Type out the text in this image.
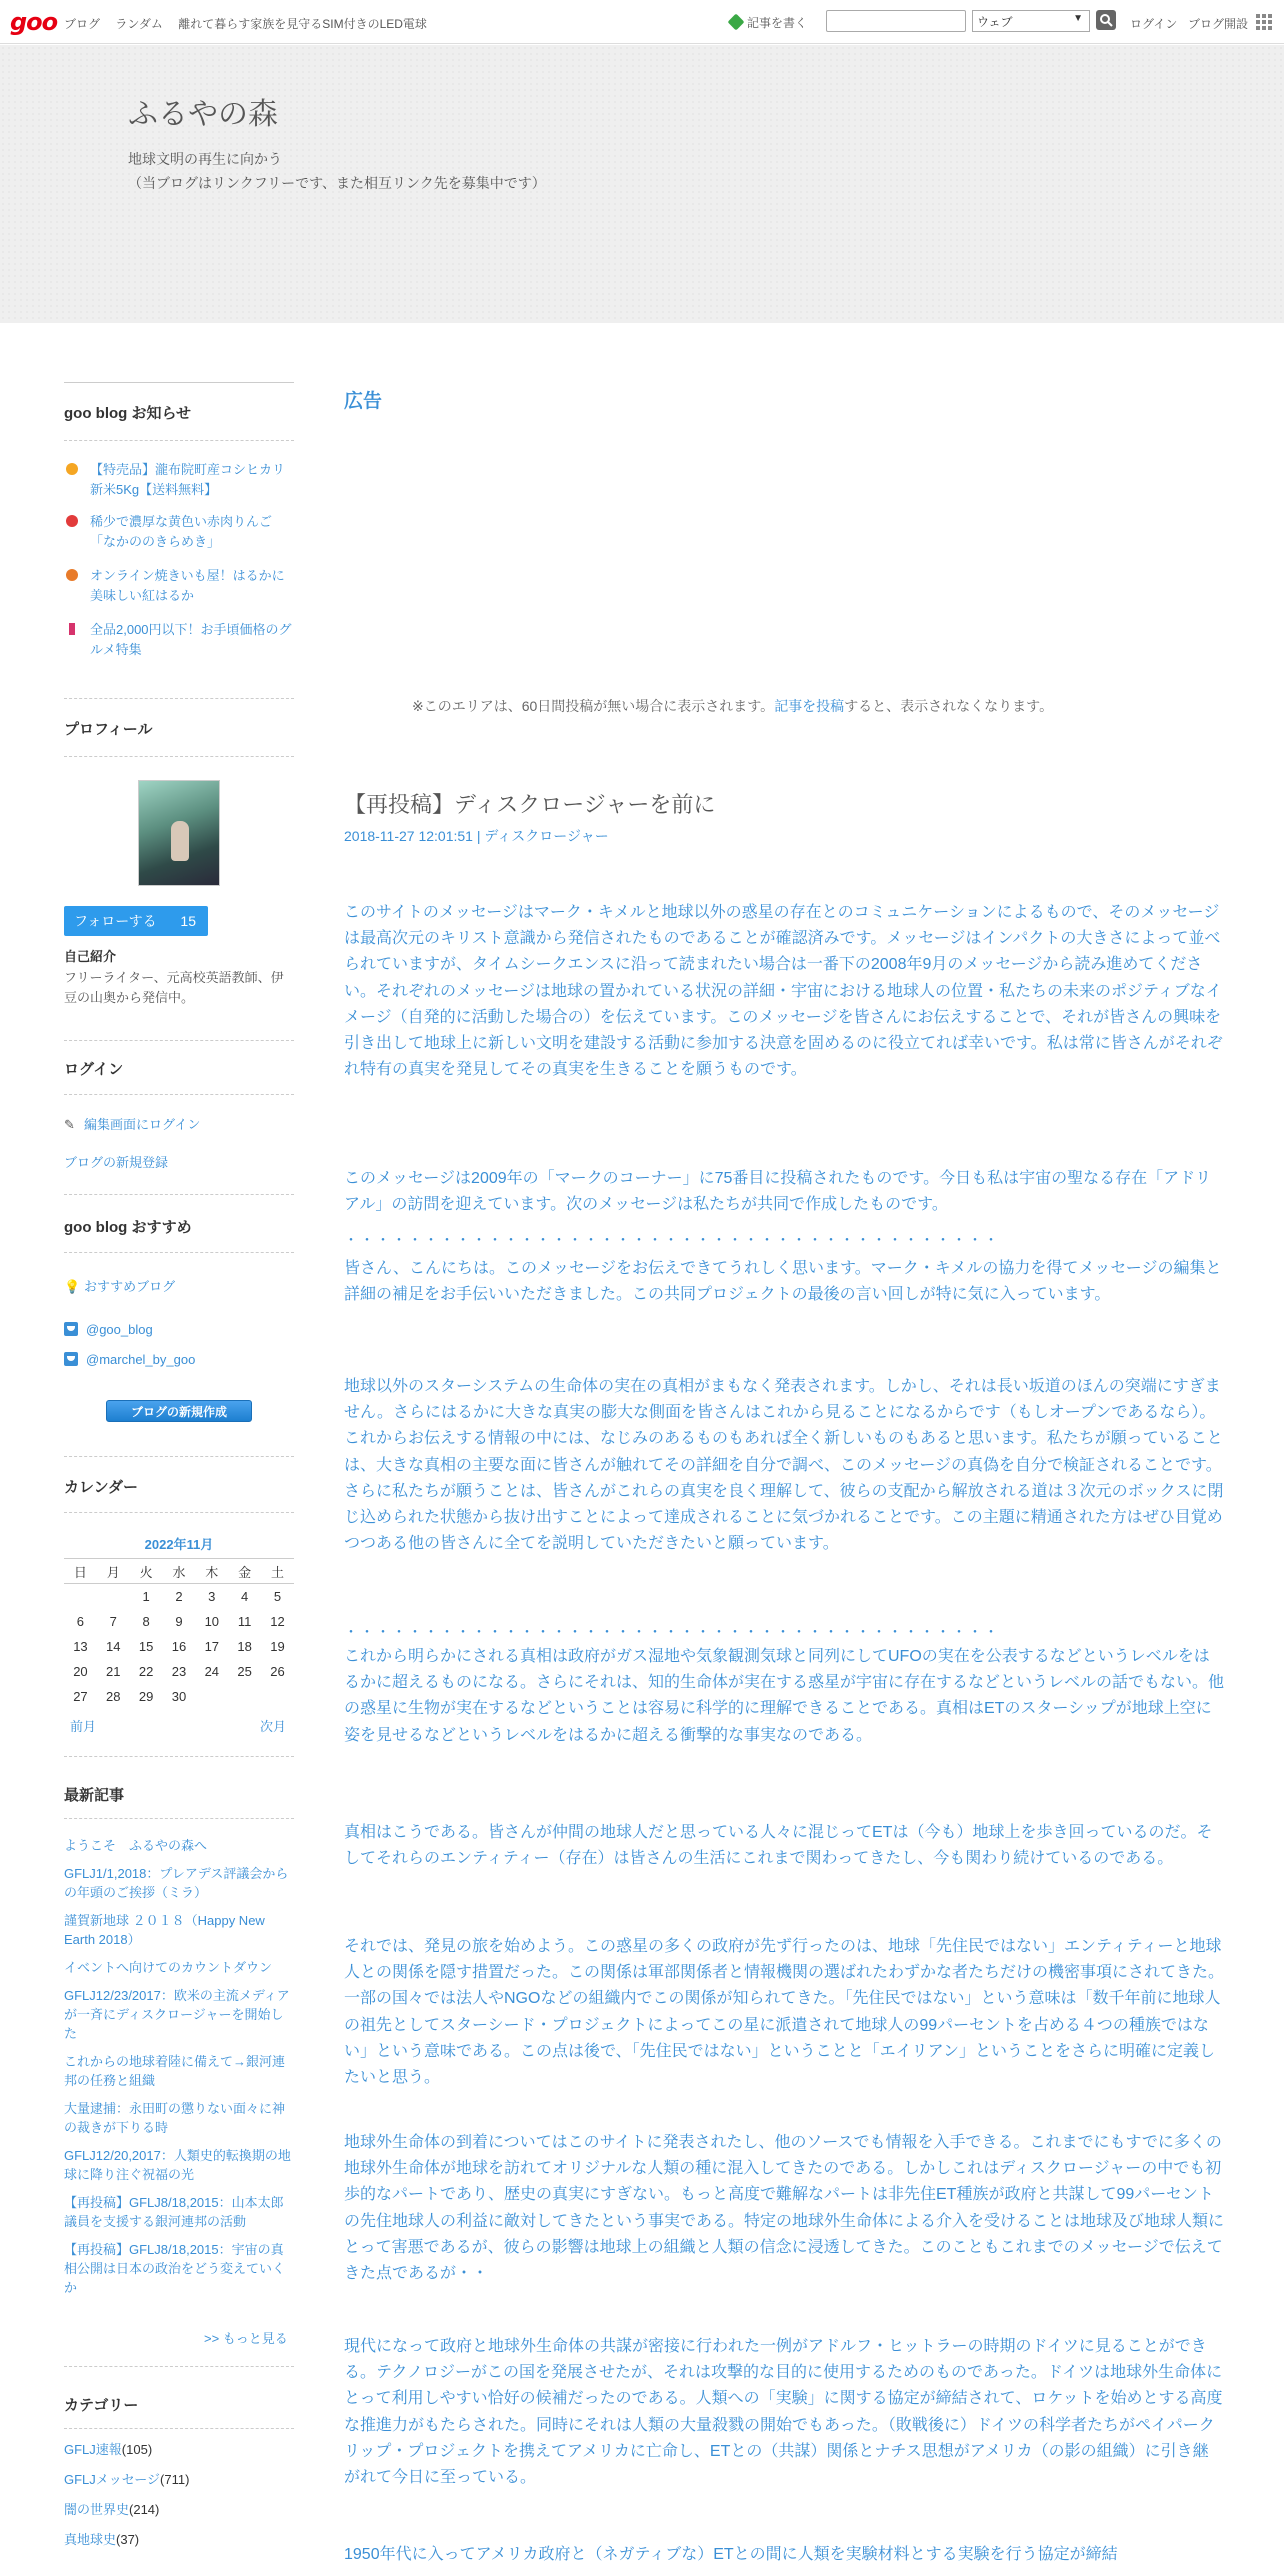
goo ブログ ランダム 離れて暮らす家族を見守るSIM付きのLED電球	記事を書く	ウェブ	▼	ログイン ブログ開設
ふるやの森
地球文明の再生に向かう
（当ブログはリンクフリーです、また相互リンク先を募集中です）
goo blog お知らせ
【特売品】瀧布院町産コシヒカリ新米5Kg【送料無料】
稀少で濃厚な黄色い赤肉りんご「なかののきらめき」
オンライン焼きいも屋！はるかに美味しい紅はるか
全品2,000円以下！お手頃価格のグルメ特集
プロフィール
フォローする 15
自己紹介
フリーライター、元高校英語教師、伊豆の山奥から発信中。
ログイン
✎ 編集画面にログイン
ブログの新規登録
goo blog おすすめ
💡 おすすめブログ
@goo_blog
@marchel_by_goo
ブログの新規作成
カレンダー
2022年11月
日	月	火	水	木	金	土
		1	2	3	4	5
6	7	8	9	10	11	12
13	14	15	16	17	18	19
20	21	22	23	24	25	26
27	28	29	30			
前月	次月
最新記事
ようこそ　ふるやの森へ
GFLJ1/1,2018：プレアデス評議会からの年頭のご挨拶（ミラ）
謹賀新地球 ２０１８（Happy New Earth 2018）
イベントへ向けてのカウントダウン
GFLJ12/23/2017：欧米の主流メディアが一斉にディスクロージャーを開始した
これからの地球着陸に備えて→銀河連邦の任務と組織
大量逮捕：永田町の懲りない面々に神の裁きが下りる時
GFLJ12/20,2017：人類史的転換期の地球に降り注ぐ祝福の光
【再投稿】GFLJ8/18,2015：山本太郎議員を支援する銀河連邦の活動
【再投稿】GFLJ8/18,2015：宇宙の真相公開は日本の政治をどう変えていくか
>> もっと見る
カテゴリー
GFLJ速報(105)
GFLJメッセージ(711)
闇の世界史(214)
真地球史(37)
広告
※このエリアは、60日間投稿が無い場合に表示されます。記事を投稿すると、表示されなくなります。
【再投稿】ディスクロージャーを前に
2018-11-27 12:01:51 | ディスクロージャー
このサイトのメッセージはマーク・キメルと地球以外の惑星の存在とのコミュニケーションによるもので、そのメッセージは最高次元のキリスト意識から発信されたものであることが確認済みです。メッセージはインパクトの大きさによって並べられていますが、タイムシークエンスに沿って読まれたい場合は一番下の2008年9月のメッセージから読み進めてください。それぞれのメッセージは地球の置かれている状況の詳細・宇宙における地球人の位置・私たちの未来のポジティブなイメージ（自発的に活動した場合の）を伝えています。このメッセージを皆さんにお伝えすることで、それが皆さんの興味を引き出して地球上に新しい文明を建設する活動に参加する決意を固めるのに役立てれば幸いです。私は常に皆さんがそれぞれ特有の真実を発見してその真実を生きることを願うものです。
このメッセージは2009年の「マークのコーナー」に75番目に投稿されたものです。今日も私は宇宙の聖なる存在「アドリアル」の訪問を迎えています。次のメッセージは私たちが共同で作成したものです。
・・・・・・・・・・・・・・・・・・・・・・・・・・・・・・・・・・・・・・・・・
皆さん、こんにちは。このメッセージをお伝えできてうれしく思います。マーク・キメルの協力を得てメッセージの編集と詳細の補足をお手伝いいただきました。この共同プロジェクトの最後の言い回しが特に気に入っています。
地球以外のスターシステムの生命体の実在の真相がまもなく発表されます。しかし、それは長い坂道のほんの突端にすぎません。さらにはるかに大きな真実の膨大な側面を皆さんはこれから見ることになるからです（もしオープンであるなら）。これからお伝えする情報の中には、なじみのあるものもあれば全く新しいものもあると思います。私たちが願っていることは、大きな真相の主要な面に皆さんが触れてその詳細を自分で調べ、このメッセージの真偽を自分で検証されることです。さらに私たちが願うことは、皆さんがこれらの真実を良く理解して、彼らの支配から解放される道は３次元のボックスに閉じ込められた状態から抜け出すことによって達成されることに気づかれることです。この主題に精通された方はぜひ目覚めつつある他の皆さんに全てを説明していただきたいと願っています。
・・・・・・・・・・・・・・・・・・・・・・・・・・・・・・・・・・・・・・・・・
これから明らかにされる真相は政府がガス湿地や気象観測気球と同列にしてUFOの実在を公表するなどというレベルをはるかに超えるものになる。さらにそれは、知的生命体が実在する惑星が宇宙に存在するなどというレベルの話でもない。他の惑星に生物が実在するなどということは容易に科学的に理解できることである。真相はETのスターシップが地球上空に姿を見せるなどというレベルをはるかに超える衝撃的な事実なのである。
真相はこうである。皆さんが仲間の地球人だと思っている人々に混じってETは（今も）地球上を歩き回っているのだ。そしてそれらのエンティティー（存在）は皆さんの生活にこれまで関わってきたし、今も関わり続けているのである。
それでは、発見の旅を始めよう。この惑星の多くの政府が先ず行ったのは、地球「先住民ではない」エンティティーと地球人との関係を隠す措置だった。この関係は軍部関係者と情報機関の選ばれたわずかな者たちだけの機密事項にされてきた。一部の国々では法人やNGOなどの組織内でこの関係が知られてきた。「先住民ではない」という意味は「数千年前に地球人の祖先としてスターシード・プロジェクトによってこの星に派遣されて地球人の99パーセントを占める４つの種族ではない」という意味である。この点は後で、「先住民ではない」ということと「エイリアン」ということをさらに明確に定義したいと思う。
地球外生命体の到着についてはこのサイトに発表されたし、他のソースでも情報を入手できる。これまでにもすでに多くの地球外生命体が地球を訪れてオリジナルな人類の種に混入してきたのである。しかしこれはディスクロージャーの中でも初歩的なパートであり、歴史の真実にすぎない。もっと高度で難解なパートは非先住ET種族が政府と共謀して99パーセントの先住地球人の利益に敵対してきたという事実である。特定の地球外生命体による介入を受けることは地球及び地球人類にとって害悪であるが、彼らの影響は地球上の組織と人類の信念に浸透してきた。このこともこれまでのメッセージで伝えてきた点であるが・・
現代になって政府と地球外生命体の共謀が密接に行われた一例がアドルフ・ヒットラーの時期のドイツに見ることができる。テクノロジーがこの国を発展させたが、それは攻撃的な目的に使用するためのものであった。ドイツは地球外生命体にとって利用しやすい恰好の候補だったのである。人類への「実験」に関する協定が締結されて、ロケットを始めとする高度な推進力がもたらされた。同時にそれは人類の大量殺戮の開始でもあった。（敗戦後に）ドイツの科学者たちがペイパークリップ・プロジェクトを携えてアメリカに亡命し、ETとの（共謀）関係とナチス思想がアメリカ（の影の組織）に引き継がれて今日に至っている。
1950年代に入ってアメリカ政府と（ネガティブな）ETとの間に人類を実験材料とする実験を行う協定が締結
